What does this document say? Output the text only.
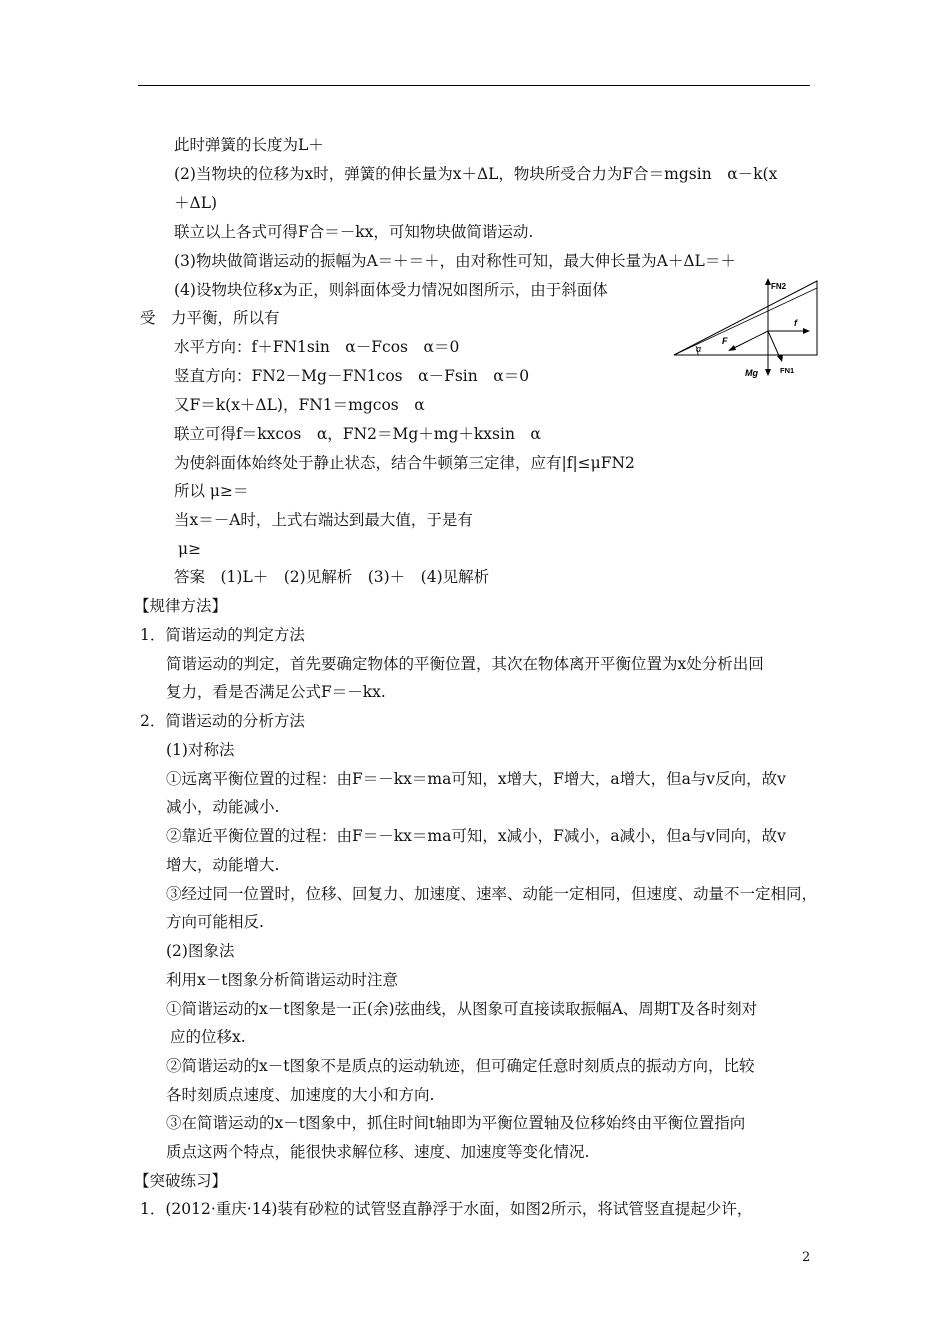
此时弹簧的长度为L＋
(2)当物块的位移为x时，弹簧的伸长量为x＋ΔL，物块所受合力为F合＝mgsin　α－k(x
＋ΔL)
联立以上各式可得F合＝－kx，可知物块做简谐运动.
(3)物块做简谐运动的振幅为A＝＋＝＋，由对称性可知，最大伸长量为A＋ΔL＝＋
(4)设物块位移x为正，则斜面体受力情况如图所示，由于斜面体
受　力平衡，所以有
水平方向：f＋FN1sin　α－Fcos　α＝0
竖直方向：FN2－Mg－FN1cos　α－Fsin　α＝0
又F＝k(x＋ΔL)，FN1＝mgcos　α
联立可得f＝kxcos　α，FN2＝Mg＋mg＋kxsin　α
为使斜面体始终处于静止状态，结合牛顿第三定律，应有|f|≤μFN2
所以 μ≥＝
当x＝－A时，上式右端达到最大值，于是有
μ≥
答案　(1)L＋　(2)见解析　(3)＋　(4)见解析
【规律方法】
1．简谐运动的判定方法
简谐运动的判定，首先要确定物体的平衡位置，其次在物体离开平衡位置为x处分析出回
复力，看是否满足公式F＝－kx.
2．简谐运动的分析方法
(1)对称法
①远离平衡位置的过程：由F＝－kx＝ma可知，x增大，F增大，a增大，但a与v反向，故v
减小，动能减小.
②靠近平衡位置的过程：由F＝－kx＝ma可知，x减小，F减小，a减小，但a与v同向，故v
增大，动能增大.
③经过同一位置时，位移、回复力、加速度、速率、动能一定相同，但速度、动量不一定相同，
方向可能相反.
(2)图象法
利用x－t图象分析简谐运动时注意
①简谐运动的x－t图象是一正(余)弦曲线，从图象可直接读取振幅A、周期T及各时刻对
应的位移x.
②简谐运动的x－t图象不是质点的运动轨迹，但可确定任意时刻质点的振动方向，比较
各时刻质点速度、加速度的大小和方向.
③在简谐运动的x－t图象中，抓住时间t轴即为平衡位置轴及位移始终由平衡位置指向
质点这两个特点，能很快求解位移、速度、加速度等变化情况.
【突破练习】
1．(2012·重庆·14)装有砂粒的试管竖直静浮于水面，如图2所示，将试管竖直提起少许，
α
FN2
f
F
Mg	FN1
2
